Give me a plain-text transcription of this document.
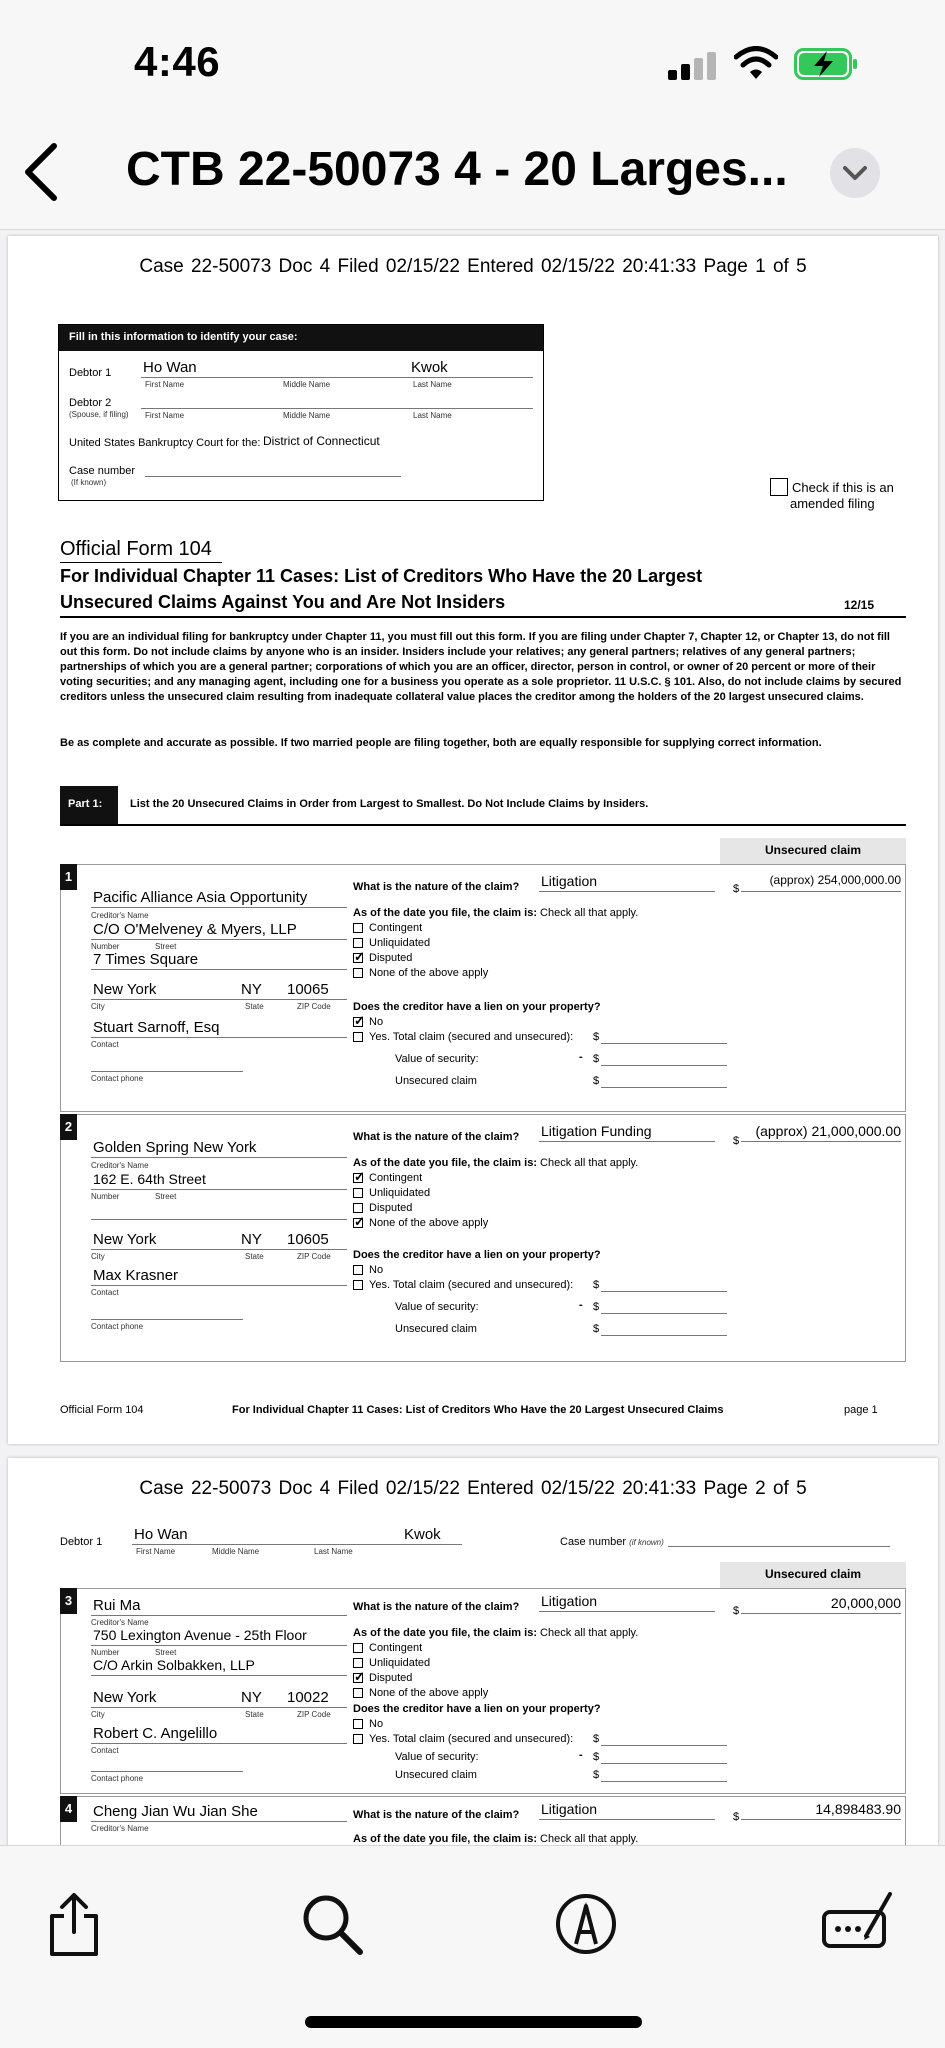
4:46
CTB 22-50073 4 - 20 Larges...
Case 22-50073 Doc 4 Filed 02/15/22 Entered 02/15/22 20:41:33 Page 1 of 5
Fill in this information to identify your case:
Debtor 1 Ho Wan	Kwok
First Name	Middle Name	Last Name
Debtor 2
(Spouse, if filing) First Name	Middle Name	Last Name
United States Bankruptcy Court for the: District of Connecticut
Case number
(If known)	Check if this is an
amended filing
Official Form 104
For Individual Chapter 11 Cases: List of Creditors Who Have the 20 Largest
Unsecured Claims Against You and Are Not Insiders	12/15
If you are an individual filing for bankruptcy under Chapter 11, you must fill out this form. If you are filing under Chapter 7, Chapter 12, or Chapter 13, do not fill out this form. Do not include claims by anyone who is an insider. Insiders include your relatives; any general partners; relatives of any general partners; partnerships of which you are a general partner; corporations of which you are an officer, director, person in control, or owner of 20 percent or more of their voting securities; and any managing agent, including one for a business you operate as a sole proprietor. 11 U.S.C. § 101. Also, do not include claims by secured creditors unless the unsecured claim resulting from inadequate collateral value places the creditor among the holders of the 20 largest unsecured claims.
Be as complete and accurate as possible. If two married people are filing together, both are equally responsible for supplying correct information.
Part 1:	List the 20 Unsecured Claims in Order from Largest to Smallest. Do Not Include Claims by Insiders.
Unsecured claim
1
Pacific Alliance Asia Opportunity
Creditor's Name
C/O O'Melveney & Myers, LLP
Number	Street
7 Times Square
New York	NY 10065
City	State	ZIP Code
Stuart Sarnoff, Esq
Contact
Contact phone
What is the nature of the claim? Litigation	$
(approx) 254,000,000.00
As of the date you file, the claim is: Check all that apply.
Contingent
Unliquidated
✓
Disputed
None of the above apply
Does the creditor have a lien on your property?
✓
No
Yes. Total claim (secured and unsecured): $
Value of security:	- $
Unsecured claim	$
2
Golden Spring New York
Creditor's Name
162 E. 64th Street
Number	Street
New York	NY 10605
City	State	ZIP Code
Max Krasner
Contact
Contact phone
What is the nature of the claim? Litigation Funding
$
(approx) 21,000,000.00
As of the date you file, the claim is: Check all that apply.
✓
Contingent
Unliquidated
Disputed
✓
None of the above apply
Does the creditor have a lien on your property?
No
Yes. Total claim (secured and unsecured): $
Value of security:	- $
Unsecured claim	$
Official Form 104	For Individual Chapter 11 Cases: List of Creditors Who Have the 20 Largest Unsecured Claims	page 1
Case 22-50073 Doc 4 Filed 02/15/22 Entered 02/15/22 20:41:33 Page 2 of 5
Debtor 1 Ho Wan	Kwok
First Name	Middle Name	Last Name
Case number (if known)
Unsecured claim
3	Rui Ma
Creditor's Name
750 Lexington Avenue - 25th Floor
Number	Street
C/O Arkin Solbakken, LLP
New York	NY 10022
City	State	ZIP Code
Robert C. Angelillo
Contact
Contact phone
What is the nature of the claim? Litigation
$	20,000,000
As of the date you file, the claim is: Check all that apply.
Contingent
Unliquidated
✓
Disputed
None of the above apply
Does the creditor have a lien on your property?
No
Yes. Total claim (secured and unsecured): $
Value of security:	- $
Unsecured claim	$
4	Cheng Jian Wu Jian She
Creditor's Name
What is the nature of the claim? Litigation	$	14,898483.90
As of the date you file, the claim is: Check all that apply.
